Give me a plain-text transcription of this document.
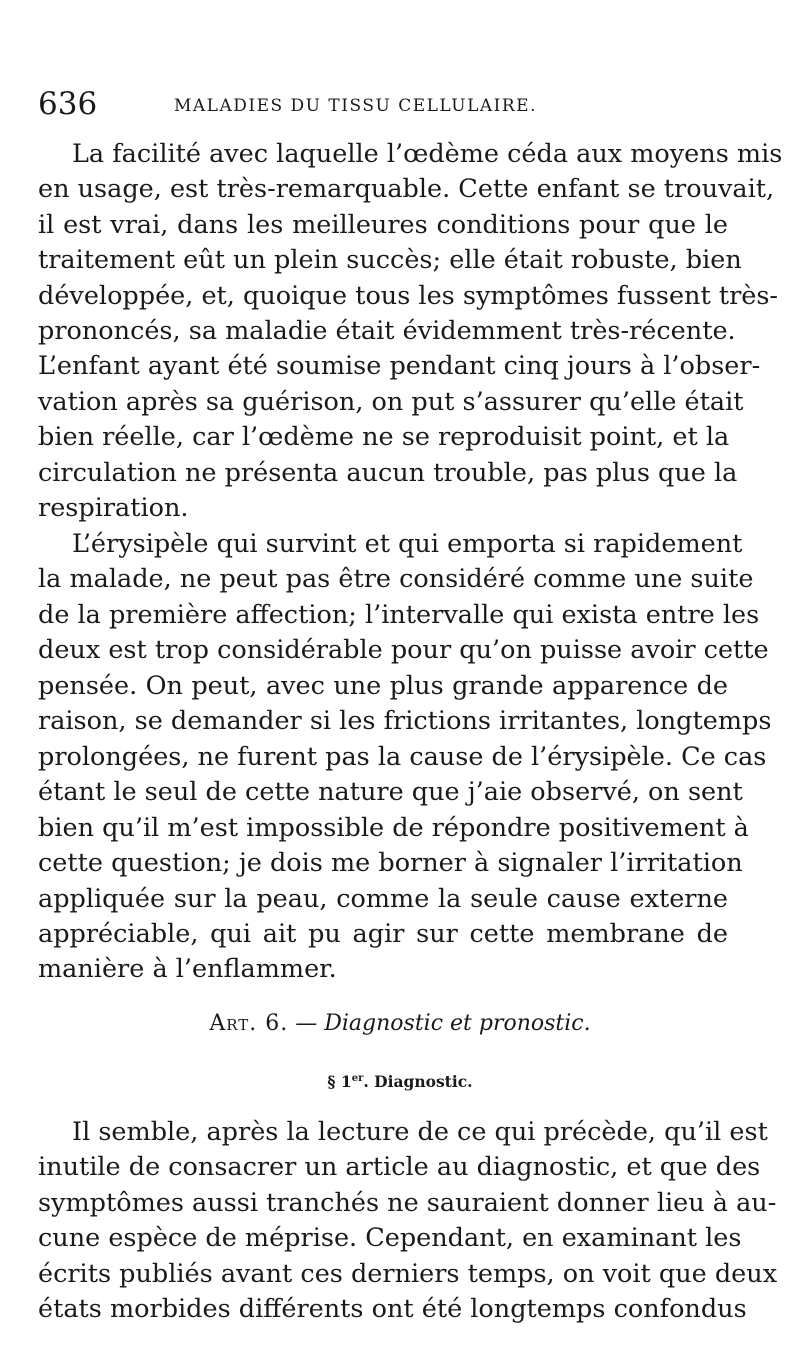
636	MALADIES DU TISSU CELLULAIRE.
La facilité avec laquelle l’œdème céda aux moyens mis
en usage, est très-remarquable. Cette enfant se trouvait,
il est vrai, dans les meilleures conditions pour que le
traitement eût un plein succès; elle était robuste, bien
développée, et, quoique tous les symptômes fussent très-
prononcés, sa maladie était évidemment très-récente.
L’enfant ayant été soumise pendant cinq jours à l’obser-
vation après sa guérison, on put s’assurer qu’elle était
bien réelle, car l’œdème ne se reproduisit point, et la
circulation ne présenta aucun trouble, pas plus que la
respiration.
L’érysipèle qui survint et qui emporta si rapidement
la malade, ne peut pas être considéré comme une suite
de la première affection; l’intervalle qui exista entre les
deux est trop considérable pour qu’on puisse avoir cette
pensée. On peut, avec une plus grande apparence de
raison, se demander si les frictions irritantes, longtemps
prolongées, ne furent pas la cause de l’érysipèle. Ce cas
étant le seul de cette nature que j’aie observé, on sent
bien qu’il m’est impossible de répondre positivement à
cette question; je dois me borner à signaler l’irritation
appliquée sur la peau, comme la seule cause externe
appréciable, qui ait pu agir sur cette membrane de
manière à l’enflammer.
Art. 6. — Diagnostic et pronostic.
§ 1er. Diagnostic.
Il semble, après la lecture de ce qui précède, qu’il est
inutile de consacrer un article au diagnostic, et que des
symptômes aussi tranchés ne sauraient donner lieu à au-
cune espèce de méprise. Cependant, en examinant les
écrits publiés avant ces derniers temps, on voit que deux
états morbides différents ont été longtemps confondus
